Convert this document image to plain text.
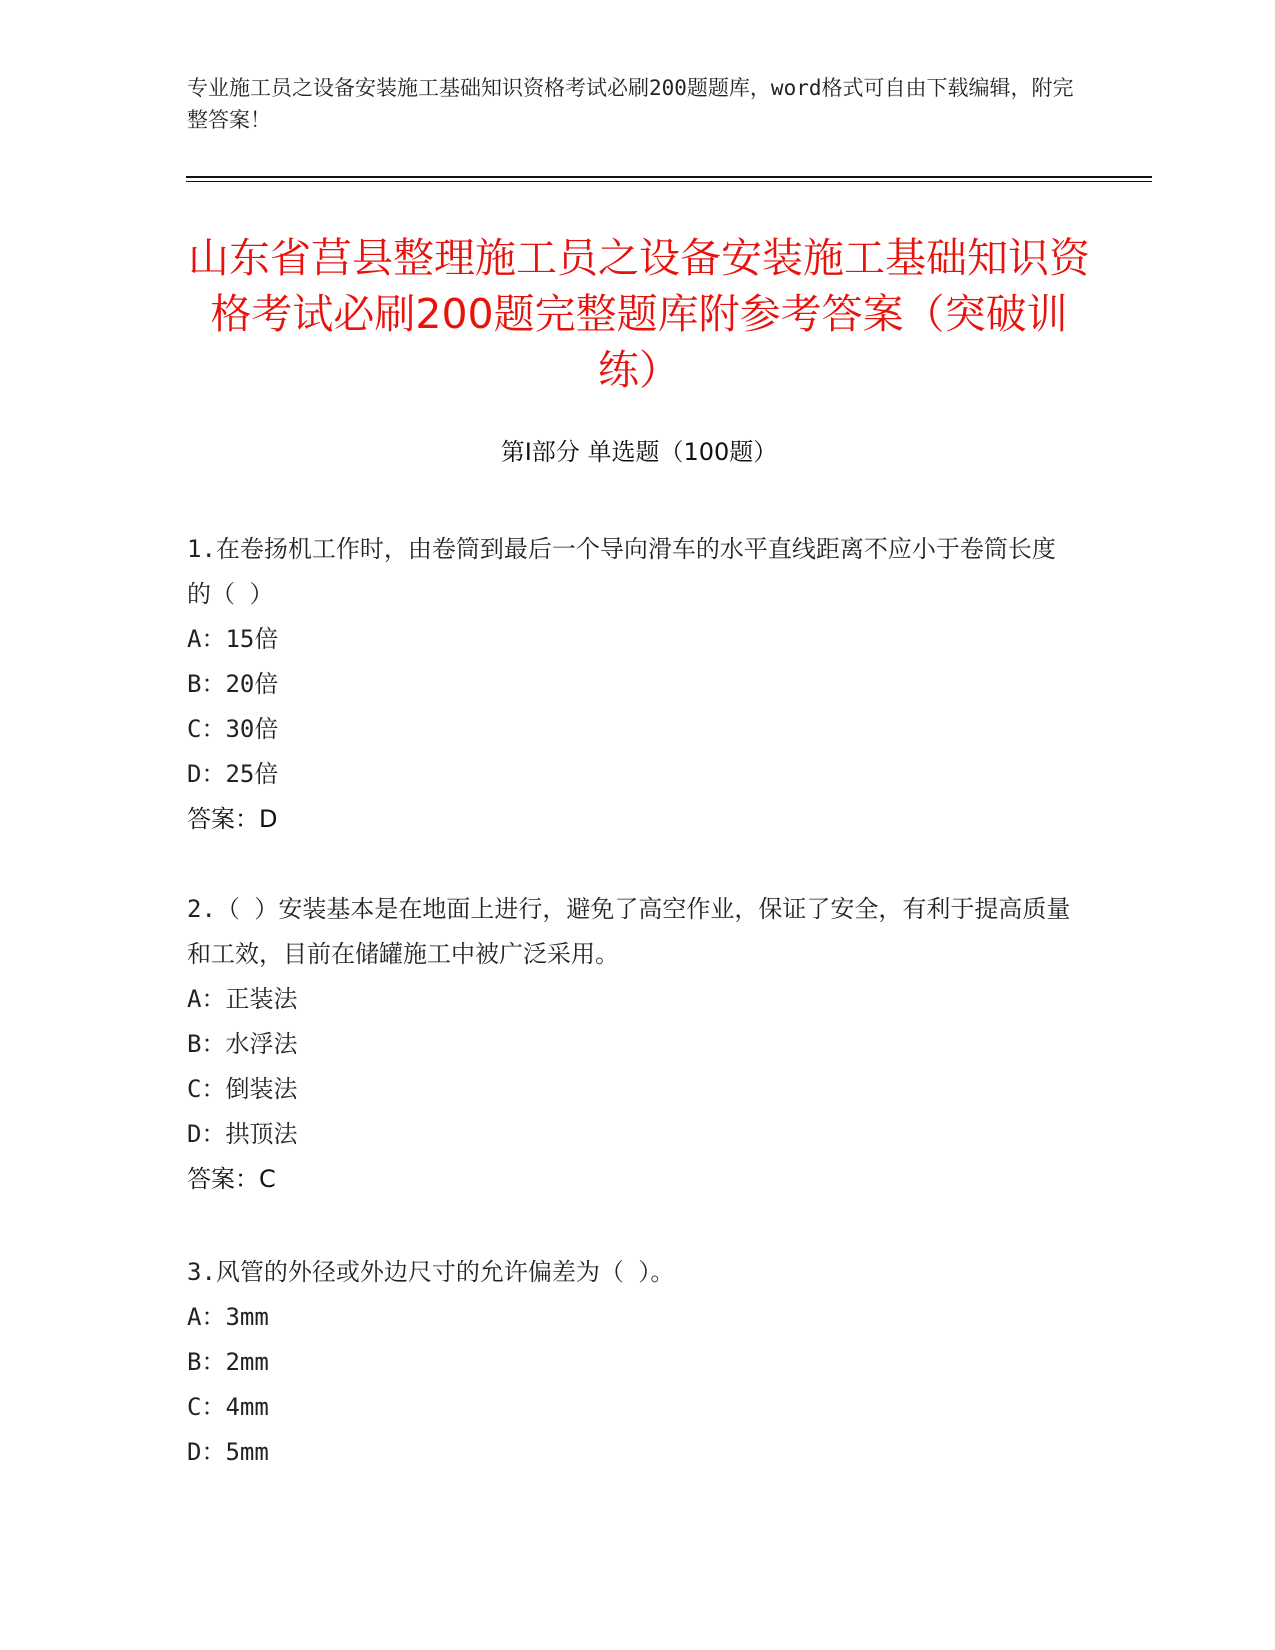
专业施工员之设备安装施工基础知识资格考试必刷200题题库，word格式可自由下载编辑，附完整答案！
山东省莒县整理施工员之设备安装施工基础知识资格考试必刷200题完整题库附参考答案（突破训练）
第Ⅰ部分 单选题（100题）

1.在卷扬机工作时，由卷筒到最后一个导向滑车的水平直线距离不应小于卷筒长度的（ ）

A：15倍

B：20倍

C：30倍

D：25倍

答案：D

2.（ ）安装基本是在地面上进行，避免了高空作业，保证了安全，有利于提高质量和工效，目前在储罐施工中被广泛采用。

A：正装法

B：水浮法

C：倒装法

D：拱顶法

答案：C

3.风管的外径或外边尺寸的允许偏差为（ ）。

A：3mm

B：2mm

C：4mm

D：5mm
